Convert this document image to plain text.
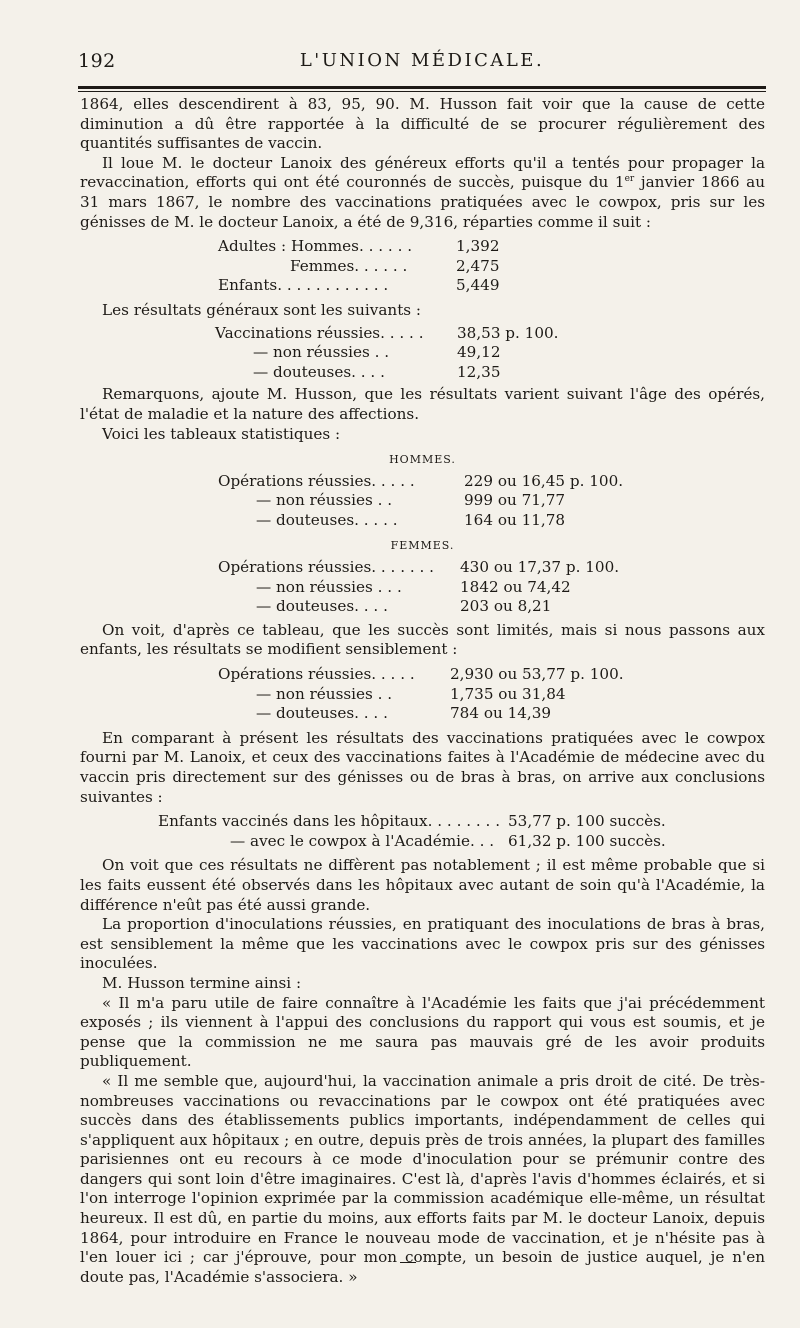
192	L'UNION MÉDICALE.

1864, elles descendirent à 83, 95, 90. M. Husson fait voir que la cause de cette diminution a dû être rapportée à la difficulté de se procurer régulièrement des quantités suffisantes de vaccin.

Il loue M. le docteur Lanoix des généreux efforts qu'il a tentés pour propager la revaccination, efforts qui ont été couronnés de succès, puisque du 1er janvier 1866 au 31 mars 1867, le nombre des vaccinations pratiquées avec le cowpox, pris sur les génisses de M. le docteur Lanoix, a été de 9,316, réparties comme il suit :

Adultes : Hommes. . . . . .	1,392
Femmes. . . . . .	2,475
Enfants. . . . . . . . . . . .	5,449

Les résultats généraux sont les suivants :

Vaccinations réussies. . . . .	38,53 p. 100.
— non réussies . .	49,12
— douteuses. . . .	12,35

Remarquons, ajoute M. Husson, que les résultats varient suivant l'âge des opérés, l'état de maladie et la nature des affections.

Voici les tableaux statistiques :

HOMMES.
Opérations réussies. . . . .	229 ou 16,45 p. 100.
— non réussies . .	999 ou 71,77
— douteuses. . . . .	164 ou 11,78
FEMMES.
Opérations réussies. . . . . . .	430 ou 17,37 p. 100.
— non réussies . . .	1842 ou 74,42
— douteuses. . . .	203 ou 8,21

On voit, d'après ce tableau, que les succès sont limités, mais si nous passons aux enfants, les résultats se modifient sensiblement :

Opérations réussies. . . . .	2,930 ou 53,77 p. 100.
— non réussies . .	1,735 ou 31,84
— douteuses. . . .	784 ou 14,39

En comparant à présent les résultats des vaccinations pratiquées avec le cowpox fourni par M. Lanoix, et ceux des vaccinations faites à l'Académie de médecine avec du vaccin pris directement sur des génisses ou de bras à bras, on arrive aux conclusions suivantes :

Enfants vaccinés dans les hôpitaux. . . . . . . .	53,77 p. 100 succès.
— avec le cowpox à l'Académie. . .	61,32 p. 100 succès.

On voit que ces résultats ne diffèrent pas notablement ; il est même probable que si les faits eussent été observés dans les hôpitaux avec autant de soin qu'à l'Académie, la différence n'eût pas été aussi grande.

La proportion d'inoculations réussies, en pratiquant des inoculations de bras à bras, est sensiblement la même que les vaccinations avec le cowpox pris sur des génisses inoculées.

M. Husson termine ainsi :

« Il m'a paru utile de faire connaître à l'Académie les faits que j'ai précédemment exposés ; ils viennent à l'appui des conclusions du rapport qui vous est soumis, et je pense que la commission ne me saura pas mauvais gré de les avoir produits publiquement.

« Il me semble que, aujourd'hui, la vaccination animale a pris droit de cité. De très-nombreuses vaccinations ou revaccinations par le cowpox ont été pratiquées avec succès dans des établissements publics importants, indépendamment de celles qui s'appliquent aux hôpitaux ; en outre, depuis près de trois années, la plupart des familles parisiennes ont eu recours à ce mode d'inoculation pour se prémunir contre des dangers qui sont loin d'être imaginaires. C'est là, d'après l'avis d'hommes éclairés, et si l'on interroge l'opinion exprimée par la commission académique elle-même, un résultat heureux. Il est dû, en partie du moins, aux efforts faits par M. le docteur Lanoix, depuis 1864, pour introduire en France le nouveau mode de vaccination, et je n'hésite pas à l'en louer ici ; car j'éprouve, pour mon compte, un besoin de justice auquel, je n'en doute pas, l'Académie s'associera. »
